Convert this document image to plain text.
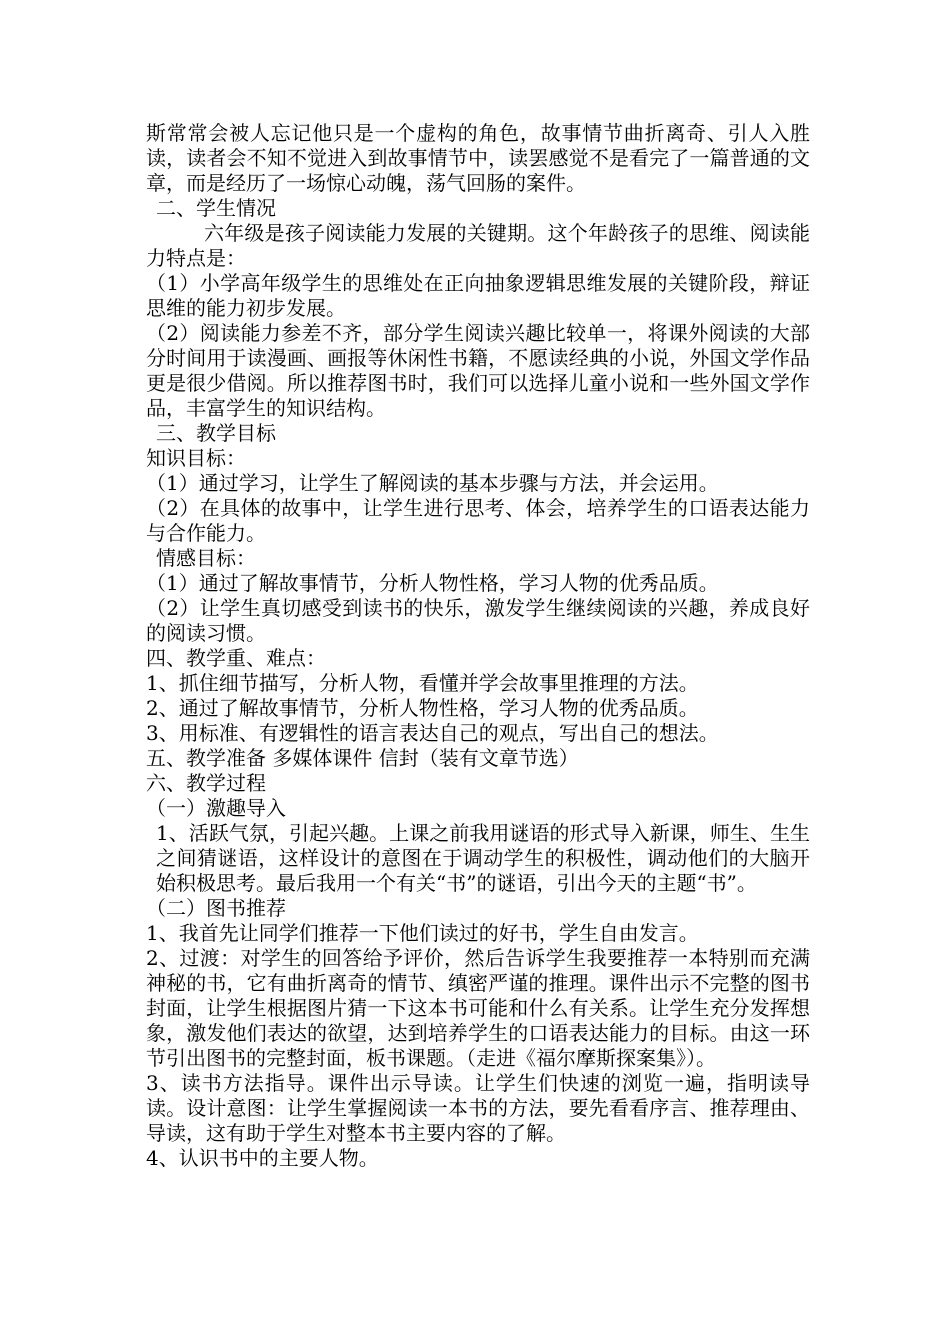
斯常常会被人忘记他只是一个虚构的角色，故事情节曲折离奇、引人入胜读，读者会不知不觉进入到故事情节中，读罢感觉不是看完了一篇普通的文章，而是经历了一场惊心动魄，荡气回肠的案件。

二、学生情况

六年级是孩子阅读能力发展的关键期。这个年龄孩子的思维、阅读能力特点是：

（1）小学高年级学生的思维处在正向抽象逻辑思维发展的关键阶段，辩证思维的能力初步发展。

（2）阅读能力参差不齐，部分学生阅读兴趣比较单一，将课外阅读的大部分时间用于读漫画、画报等休闲性书籍，不愿读经典的小说，外国文学作品更是很少借阅。所以推荐图书时，我们可以选择儿童小说和一些外国文学作品，丰富学生的知识结构。

三、教学目标

知识目标：

（1）通过学习，让学生了解阅读的基本步骤与方法，并会运用。

（2）在具体的故事中，让学生进行思考、体会，培养学生的口语表达能力与合作能力。

情感目标：

（1）通过了解故事情节，分析人物性格，学习人物的优秀品质。

（2）让学生真切感受到读书的快乐，激发学生继续阅读的兴趣，养成良好的阅读习惯。

四、教学重、难点：

1、抓住细节描写，分析人物，看懂并学会故事里推理的方法。

2、通过了解故事情节，分析人物性格，学习人物的优秀品质。

3、用标准、有逻辑性的语言表达自己的观点，写出自己的想法。

五、教学准备 多媒体课件 信封（装有文章节选）

六、教学过程

（一）激趣导入

1、活跃气氛，引起兴趣。上课之前我用谜语的形式导入新课，师生、生生之间猜谜语，这样设计的意图在于调动学生的积极性，调动他们的大脑开始积极思考。最后我用一个有关“书”的谜语，引出今天的主题“书”。

（二）图书推荐

1、我首先让同学们推荐一下他们读过的好书，学生自由发言。

2、过渡：对学生的回答给予评价，然后告诉学生我要推荐一本特别而充满神秘的书，它有曲折离奇的情节、缜密严谨的推理。课件出示不完整的图书封面，让学生根据图片猜一下这本书可能和什么有关系。让学生充分发挥想象，激发他们表达的欲望，达到培养学生的口语表达能力的目标。由这一环节引出图书的完整封面，板书课题。（走进《福尔摩斯探案集》）。

3、读书方法指导。课件出示导读。让学生们快速的浏览一遍，指明读导读。设计意图：让学生掌握阅读一本书的方法，要先看看序言、推荐理由、导读，这有助于学生对整本书主要内容的了解。

4、认识书中的主要人物。
